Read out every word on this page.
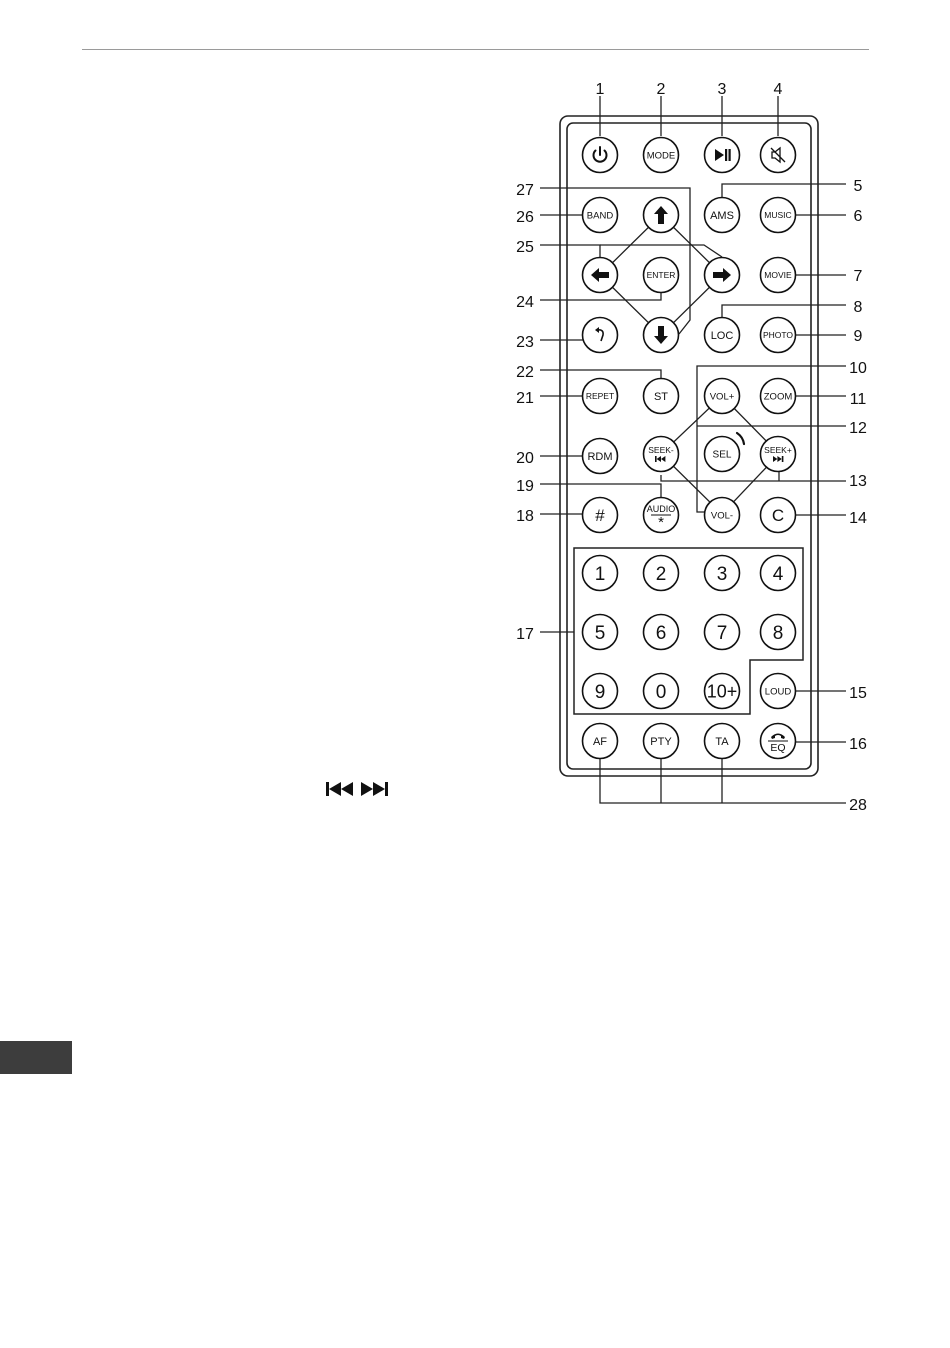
MODE
BAND	AMS	MUSIC
ENTER	MOVIE
LOC	PHOTO
REPET	ST	VOL+	ZOOM
RDM
SEEK-	SEL	SEEK+
#	AUDIO
*	VOL- C
1	2	3 4
5	6	7 8
9	0 10+	LOUD
AF	PTY	TA
EQ
1	2	3	4
5
6
7
8
9
10
11
12
13
14
15
16
17
18
19
20
21
22
23
24
25
26
27
28
